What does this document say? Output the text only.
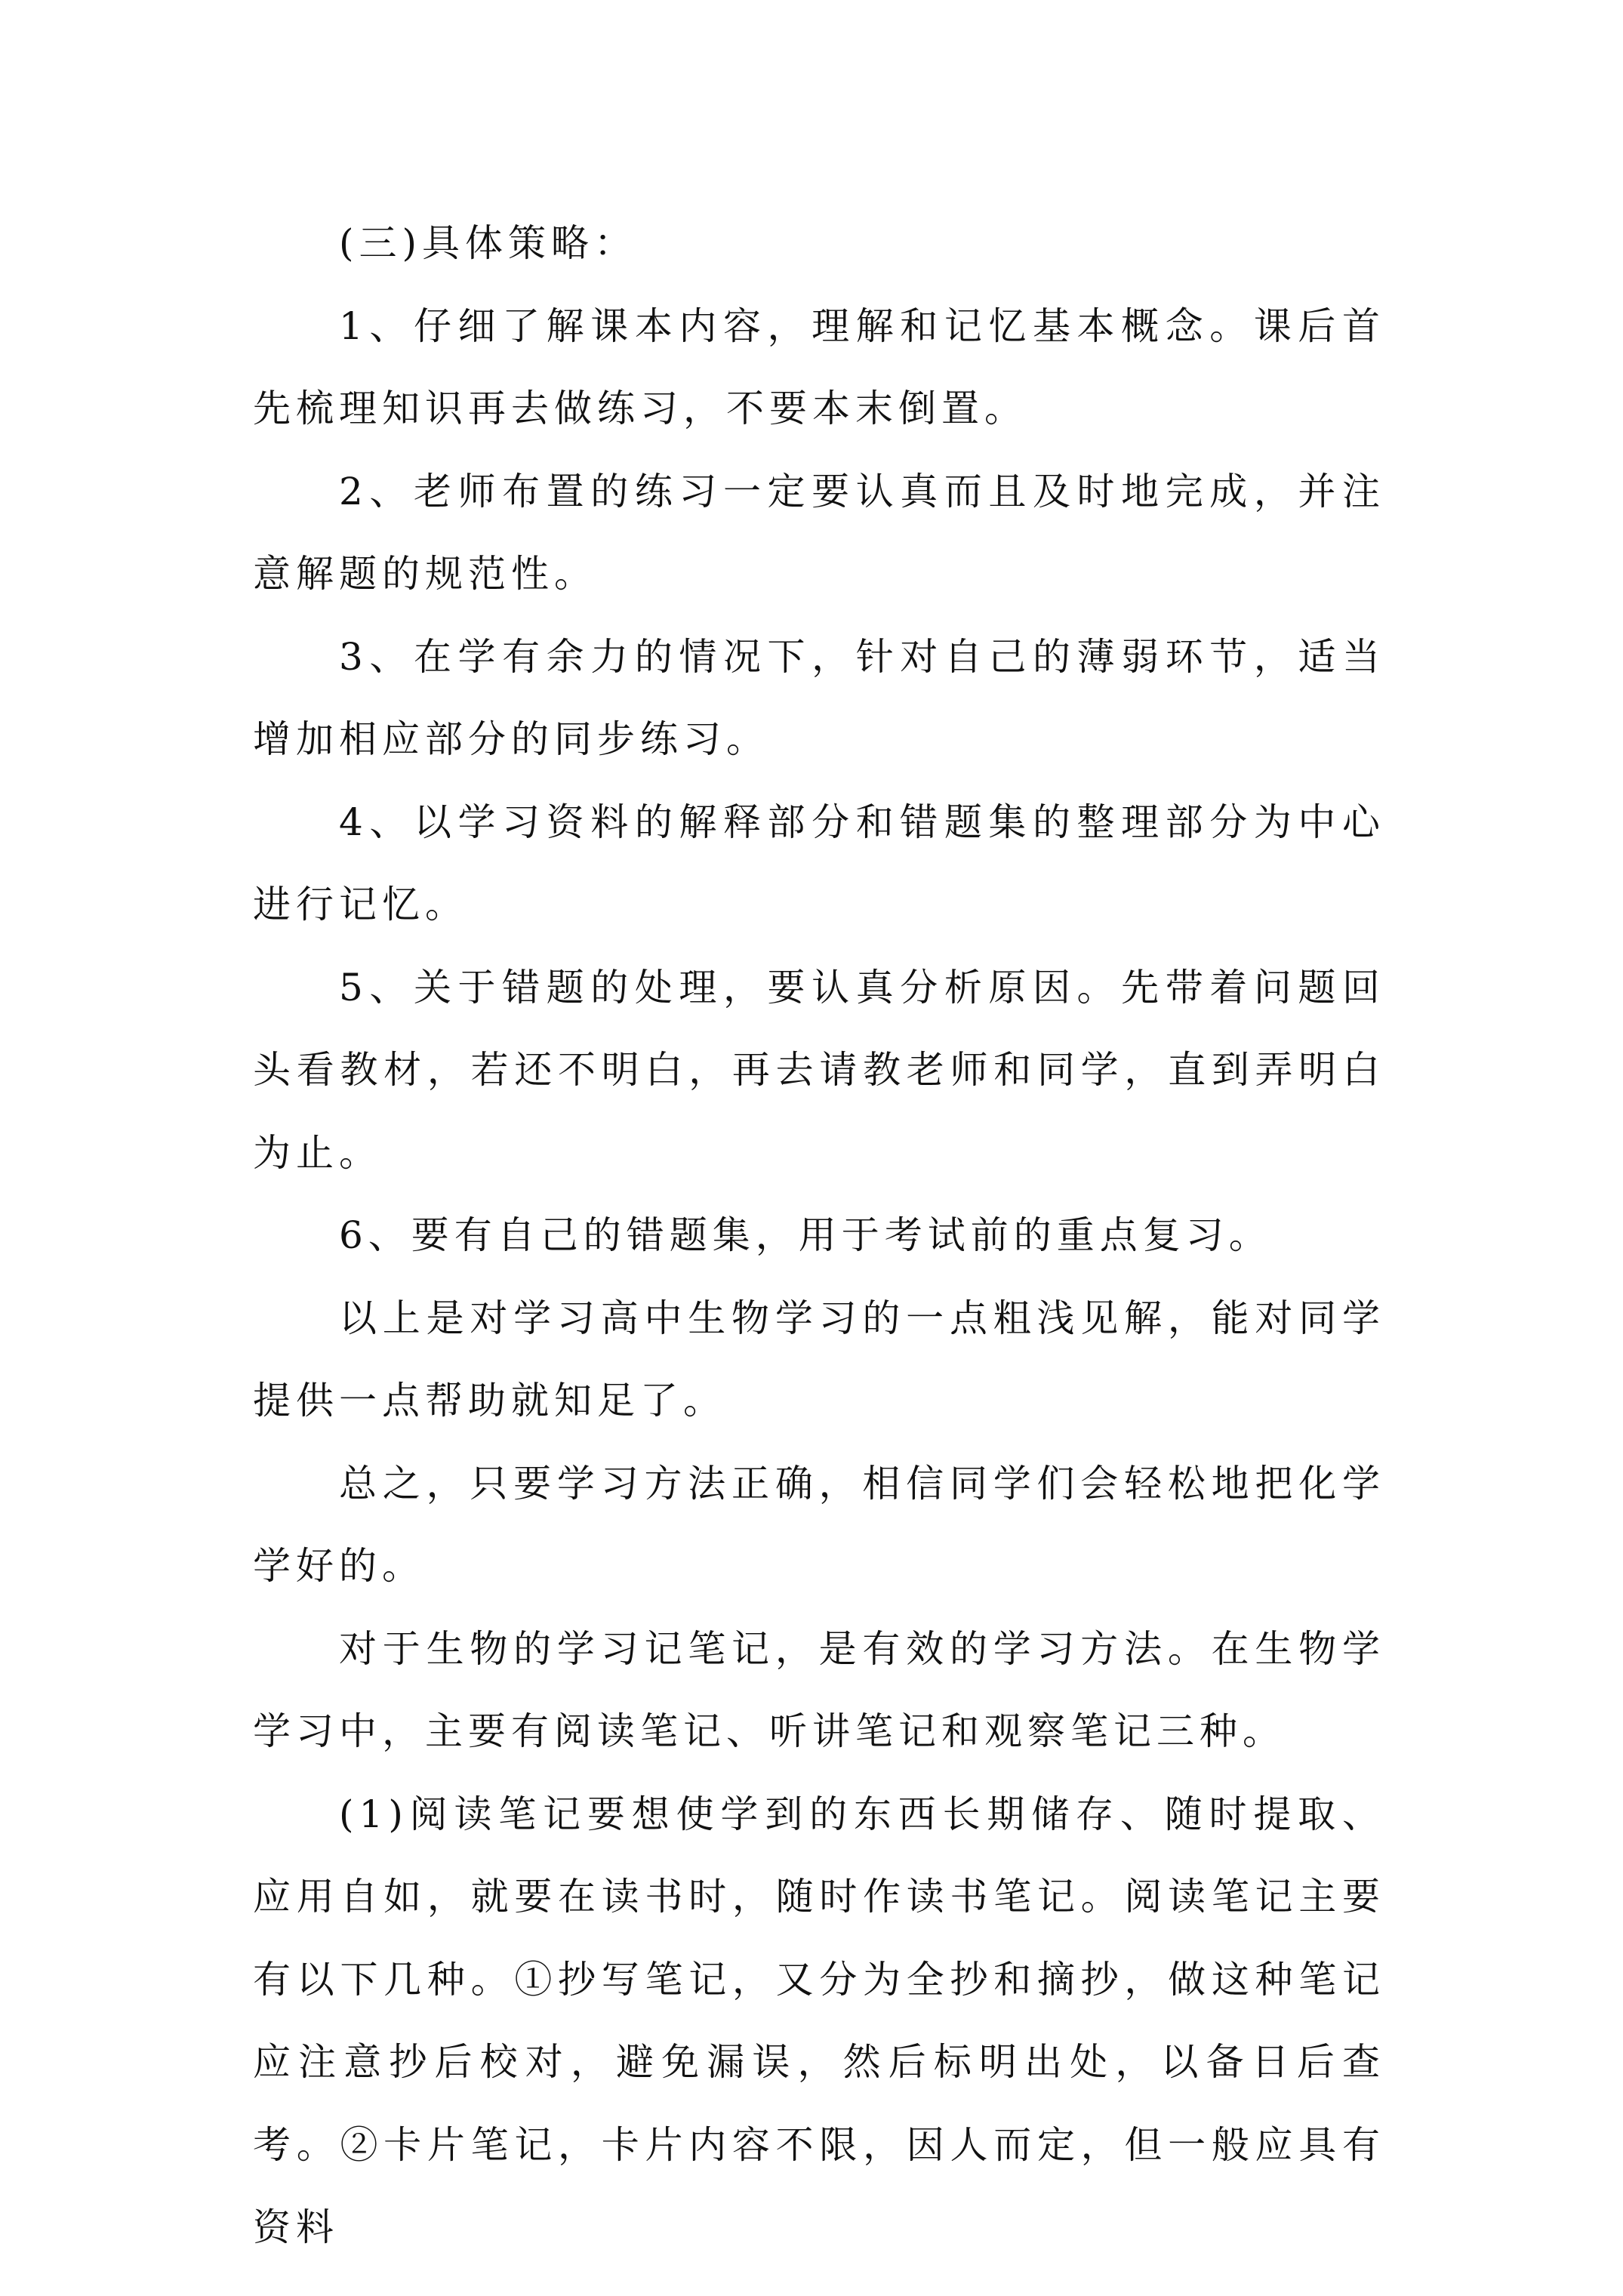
(三)具体策略：

1、仔细了解课本内容，理解和记忆基本概念。课后首先梳理知识再去做练习，不要本末倒置。

2、老师布置的练习一定要认真而且及时地完成，并注意解题的规范性。

3、在学有余力的情况下，针对自己的薄弱环节，适当增加相应部分的同步练习。

4、以学习资料的解释部分和错题集的整理部分为中心进行记忆。

5、关于错题的处理，要认真分析原因。先带着问题回头看教材，若还不明白，再去请教老师和同学，直到弄明白为止。

6、要有自己的错题集，用于考试前的重点复习。

以上是对学习高中生物学习的一点粗浅见解，能对同学提供一点帮助就知足了。

总之，只要学习方法正确，相信同学们会轻松地把化学学好的。

对于生物的学习记笔记，是有效的学习方法。在生物学学习中，主要有阅读笔记、听讲笔记和观察笔记三种。

(1)阅读笔记要想使学到的东西长期储存、随时提取、应用自如，就要在读书时，随时作读书笔记。阅读笔记主要有以下几种。①抄写笔记，又分为全抄和摘抄，做这种笔记应注意抄后校对，避免漏误，然后标明出处，以备日后查考。②卡片笔记，卡片内容不限，因人而定，但一般应具有资料
